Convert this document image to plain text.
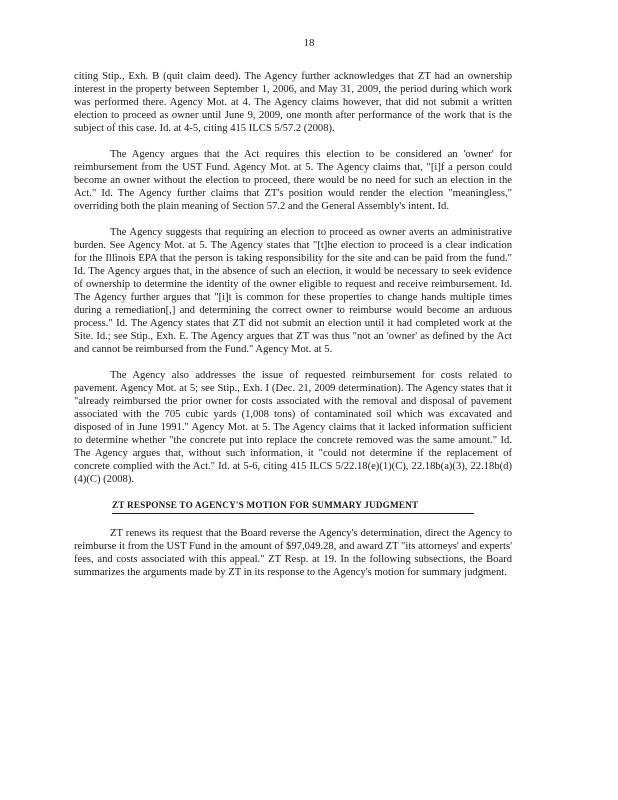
18

citing Stip., Exh. B (quit claim deed). The Agency further acknowledges that ZT had an ownership interest in the property between September 1, 2006, and May 31, 2009, the period during which work was performed there. Agency Mot. at 4. The Agency claims however, that did not submit a written election to proceed as owner until June 9, 2009, one month after performance of the work that is the subject of this case. Id. at 4-5, citing 415 ILCS 5/57.2 (2008).

The Agency argues that the Act requires this election to be considered an 'owner' for reimbursement from the UST Fund. Agency Mot. at 5. The Agency claims that, "[i]f a person could become an owner without the election to proceed, there would be no need for such an election in the Act." Id. The Agency further claims that ZT's position would render the election "meaningless," overriding both the plain meaning of Section 57.2 and the General Assembly's intent. Id.

The Agency suggests that requiring an election to proceed as owner averts an administrative burden. See Agency Mot. at 5. The Agency states that "[t]he election to proceed is a clear indication for the Illinois EPA that the person is taking responsibility for the site and can be paid from the fund." Id. The Agency argues that, in the absence of such an election, it would be necessary to seek evidence of ownership to determine the identity of the owner eligible to request and receive reimbursement. Id. The Agency further argues that "[i]t is common for these properties to change hands multiple times during a remediation[,] and determining the correct owner to reimburse would become an arduous process." Id. The Agency states that ZT did not submit an election until it had completed work at the Site. Id.; see Stip., Exh. E. The Agency argues that ZT was thus "not an 'owner' as defined by the Act and cannot be reimbursed from the Fund." Agency Mot. at 5.

The Agency also addresses the issue of requested reimbursement for costs related to pavement. Agency Mot. at 5; see Stip., Exh. I (Dec. 21, 2009 determination). The Agency states that it "already reimbursed the prior owner for costs associated with the removal and disposal of pavement associated with the 705 cubic yards (1,008 tons) of contaminated soil which was excavated and disposed of in June 1991." Agency Mot. at 5. The Agency claims that it lacked information sufficient to determine whether "the concrete put into replace the concrete removed was the same amount." Id. The Agency argues that, without such information, it "could not determine if the replacement of concrete complied with the Act." Id. at 5-6, citing 415 ILCS 5/22.18(e)(1)(C), 22.18b(a)(3), 22.18b(d)(4)(C) (2008).

ZT RESPONSE TO AGENCY'S MOTION FOR SUMMARY JUDGMENT

ZT renews its request that the Board reverse the Agency's determination, direct the Agency to reimburse it from the UST Fund in the amount of $97,049.28, and award ZT "its attorneys' and experts' fees, and costs associated with this appeal." ZT Resp. at 19. In the following subsections, the Board summarizes the arguments made by ZT in its response to the Agency's motion for summary judgment.
